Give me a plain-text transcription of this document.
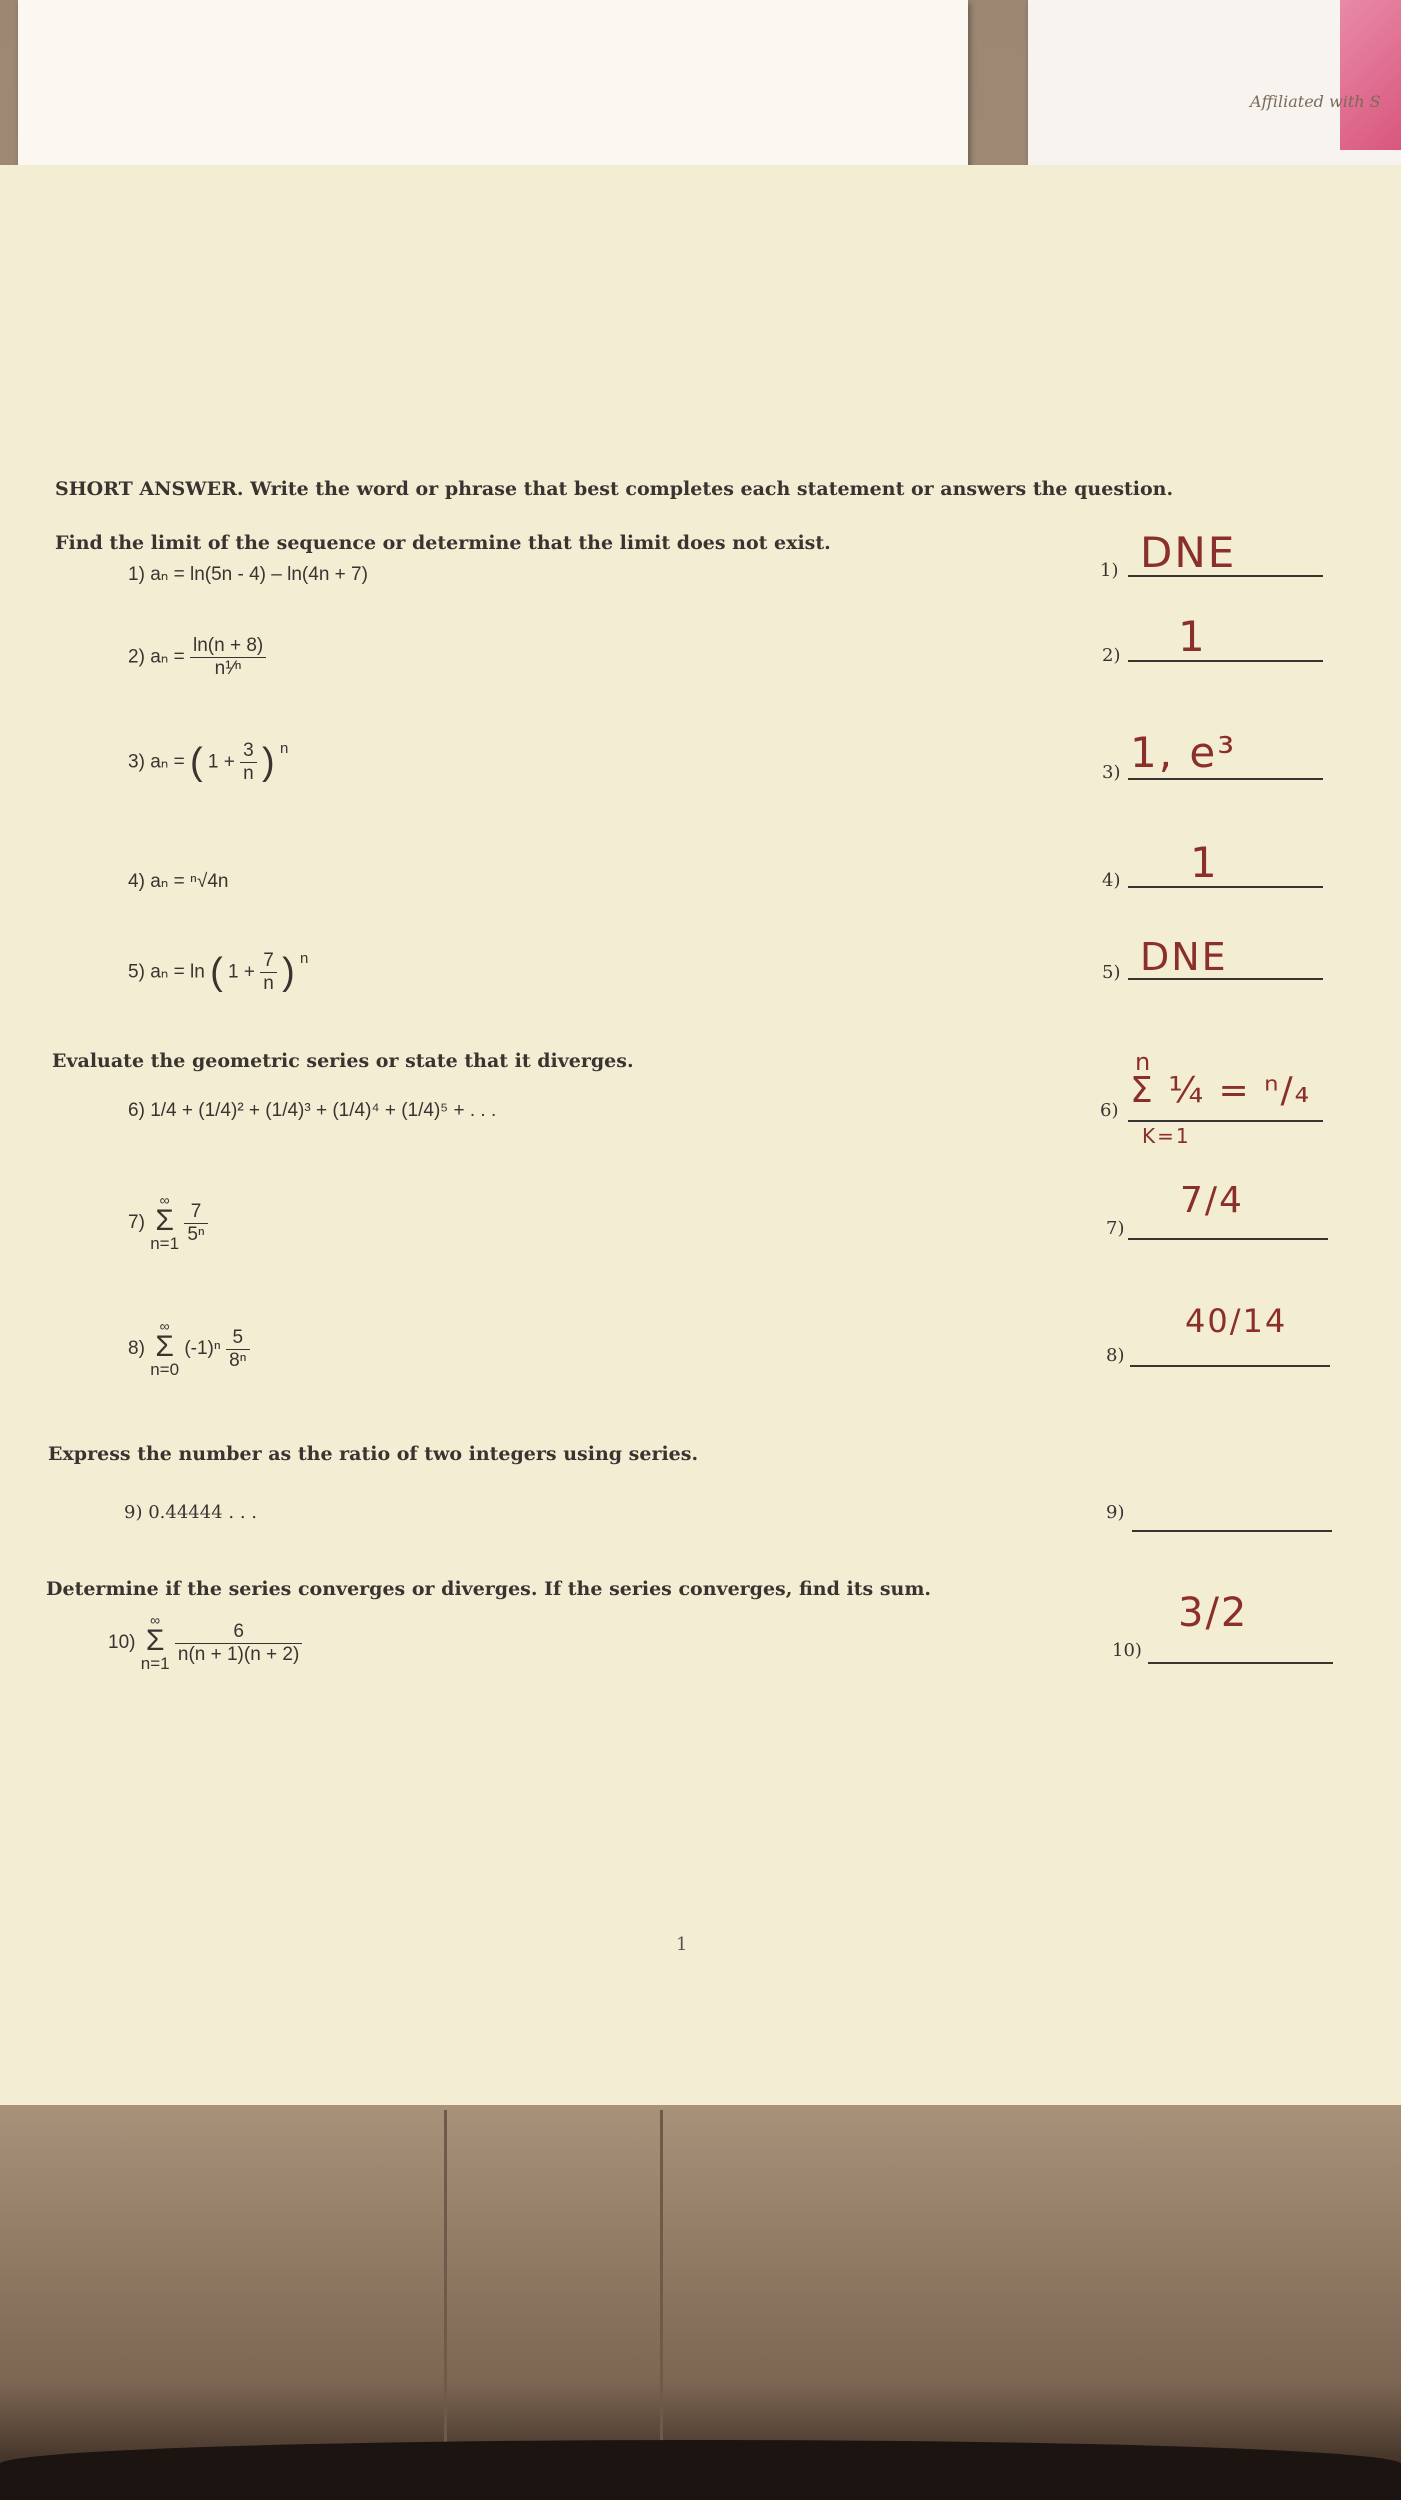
Affiliated with S
SHORT ANSWER. Write the word or phrase that best completes each statement or answers the question.
Find the limit of the sequence or determine that the limit does not exist.
1) aₙ = ln(5n - 4) – ln(4n + 7)	1) DNE
2) $a_n = \frac{\ln(n + 8)}{\text{n¹⁄ⁿ}}$	2) 1
3) aₙ = ( $1 + \frac{3}{n}$ ) $^n$
3) 1, e³
4) aₙ = ⁿ√4n	4) 1
5) aₙ = ln ( $1 + \frac{7}{n}$ ) $^n$
5) DNE
Evaluate the geometric series or state that it diverges.
6) 1/4 + (1/4)² + (1/4)³ + (1/4)⁴ + (1/4)⁵ + . . .	6)
n
Σ ¼ = ⁿ/₄
K=1
7)
∞
Σ
n=1
$\frac{7}{\text{5ⁿ}}$	7)
7/4
8)
∞
Σ
n=0
$(-1)^n \frac{5}{\text{8ⁿ}}$	8)
40/14
Express the number as the ratio of two integers using series.
9) 0.44444 . . .	9)
Determine if the series converges or diverges. If the series converges, find its sum.
10)
∞
Σ
n=1
$\frac{6}{n(n + 1)(n + 2)}$	10)
3/2
1
